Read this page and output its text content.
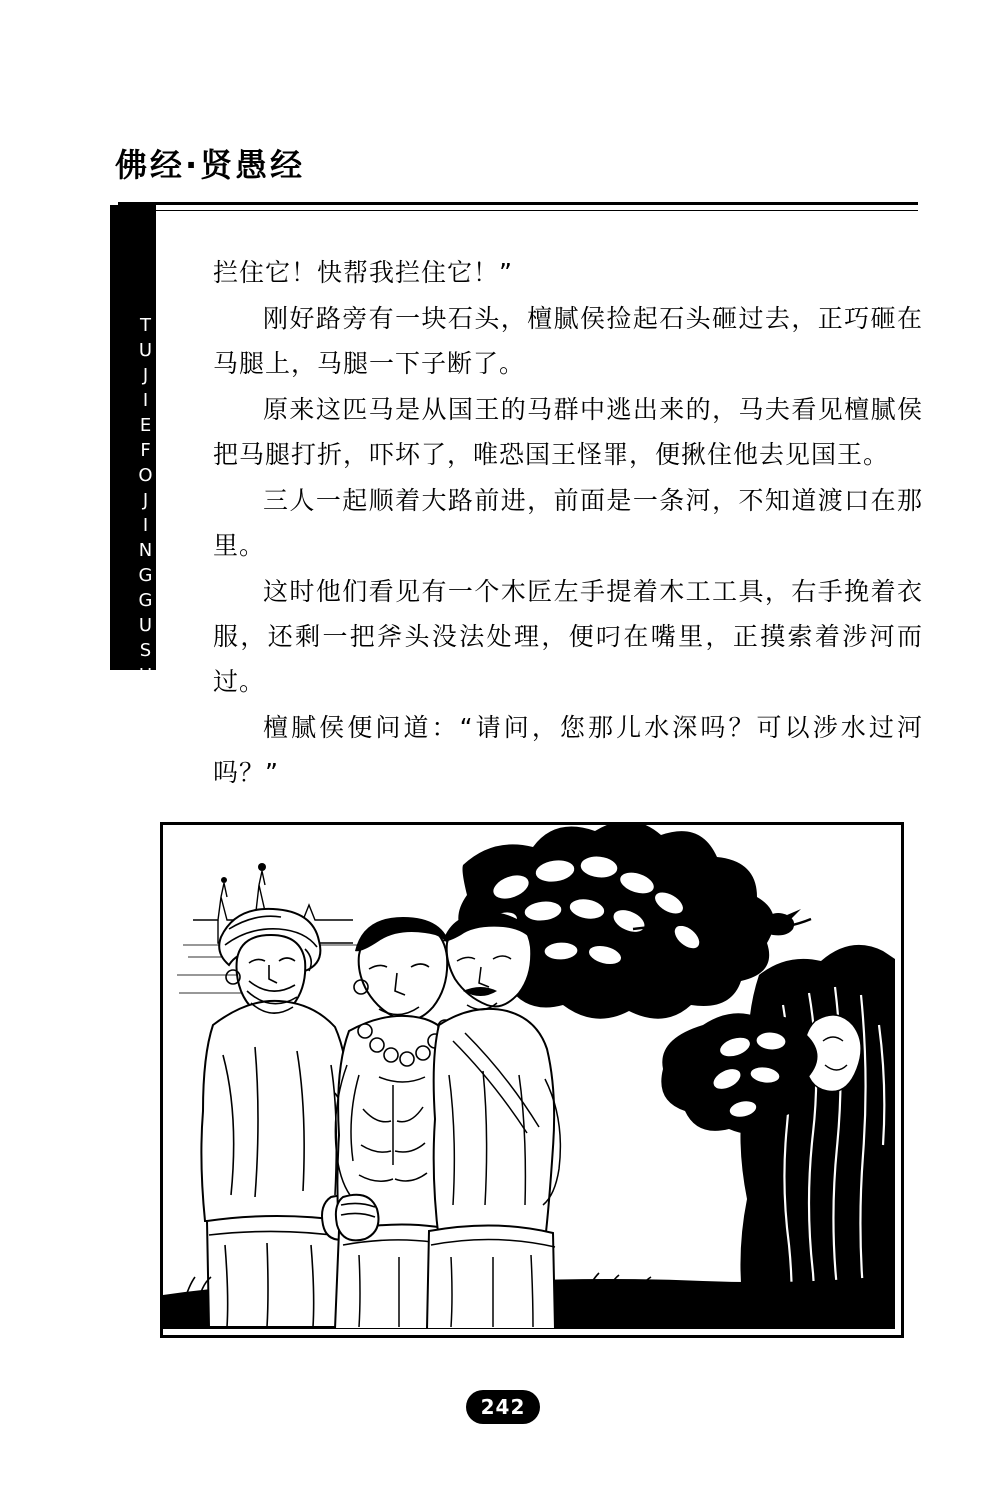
佛经·贤愚经
TUJIEFOJINGGUSHI

拦住它！快帮我拦住它！”

刚好路旁有一块石头，檀腻侯捡起石头砸过去，正巧砸在马腿上，马腿一下子断了。

原来这匹马是从国王的马群中逃出来的，马夫看见檀腻侯把马腿打折，吓坏了，唯恐国王怪罪，便揪住他去见国王。

三人一起顺着大路前进，前面是一条河，不知道渡口在那里。

这时他们看见有一个木匠左手提着木工工具，右手挽着衣服，还剩一把斧头没法处理，便叼在嘴里，正摸索着涉河而过。

檀腻侯便问道：“请问，您那儿水深吗？可以涉水过河吗？”

242
